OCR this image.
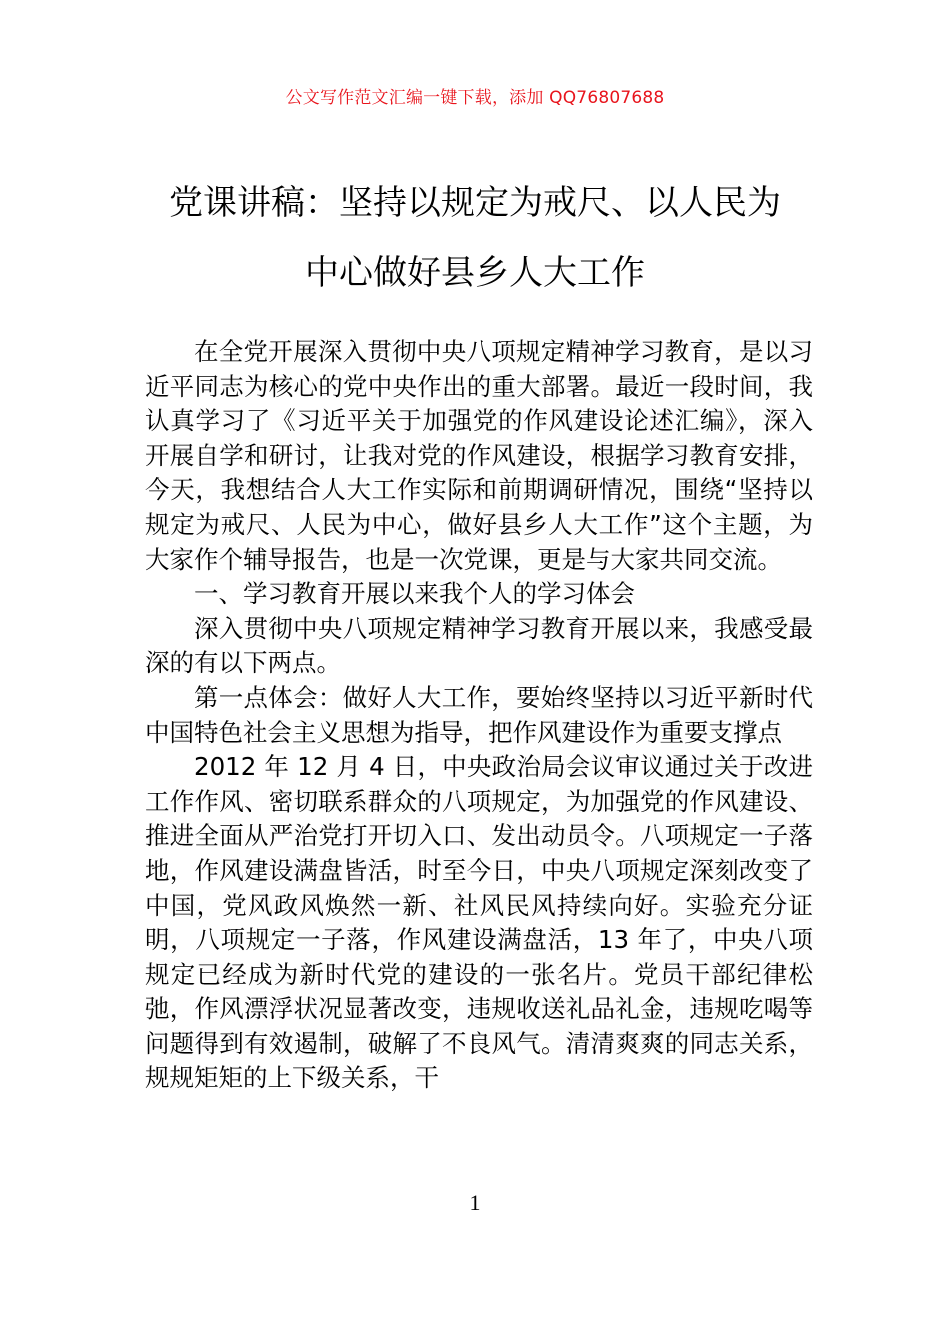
公文写作范文汇编一键下载，添加 QQ76807688
党课讲稿：坚持以规定为戒尺、以人民为
中心做好县乡人大工作

在全党开展深入贯彻中央八项规定精神学习教育，是以习近平同志为核心的党中央作出的重大部署。最近一段时间，我认真学习了《习近平关于加强党的作风建设论述汇编》，深入开展自学和研讨，让我对党的作风建设，根据学习教育安排，今天，我想结合人大工作实际和前期调研情况，围绕“坚持以规定为戒尺、人民为中心，做好县乡人大工作”这个主题，为大家作个辅导报告，也是一次党课，更是与大家共同交流。

一、学习教育开展以来我个人的学习体会

深入贯彻中央八项规定精神学习教育开展以来，我感受最深的有以下两点。

第一点体会：做好人大工作，要始终坚持以习近平新时代中国特色社会主义思想为指导，把作风建设作为重要支撑点

2012 年 12 月 4 日，中央政治局会议审议通过关于改进工作作风、密切联系群众的八项规定，为加强党的作风建设、推进全面从严治党打开切入口、发出动员令。八项规定一子落地，作风建设满盘皆活，时至今日，中央八项规定深刻改变了中国，党风政风焕然一新、社风民风持续向好。实验充分证明，八项规定一子落，作风建设满盘活，13 年了，中央八项规定已经成为新时代党的建设的一张名片。党员干部纪律松弛，作风漂浮状况显著改变，违规收送礼品礼金，违规吃喝等问题得到有效遏制，破解了不良风气。清清爽爽的同志关系，规规矩矩的上下级关系，干

1
